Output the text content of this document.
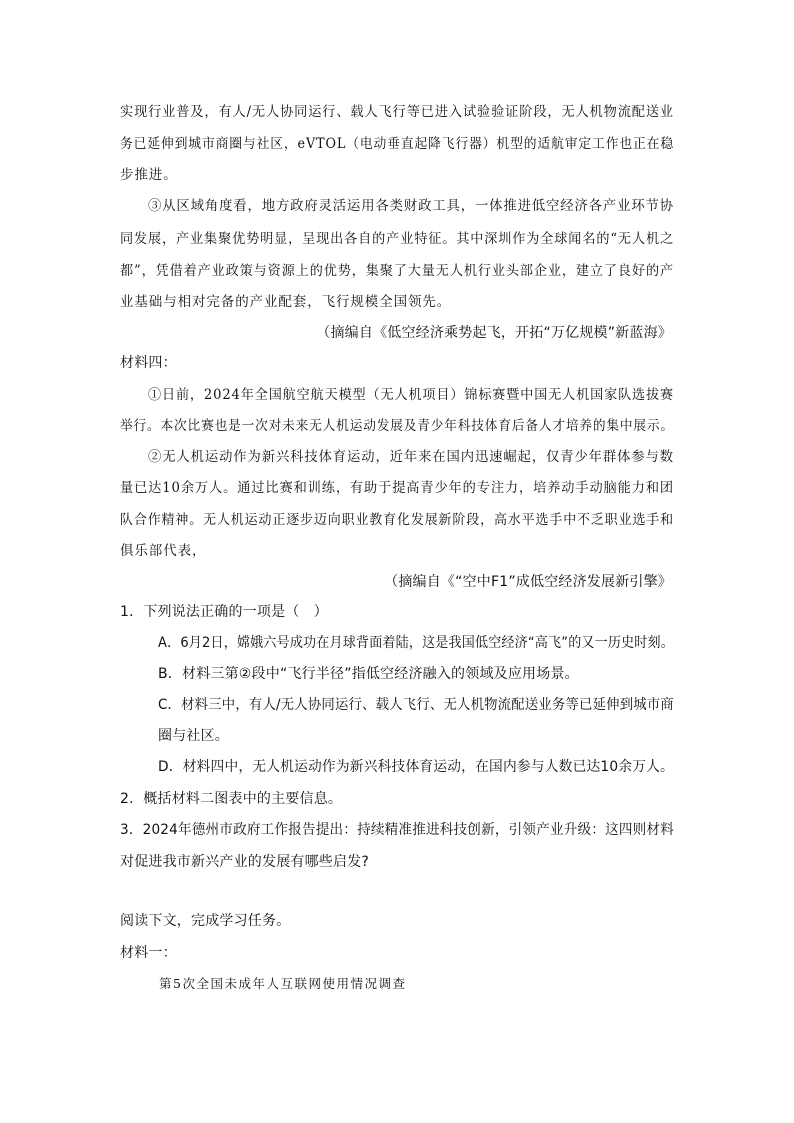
实现行业普及，有人/无人协同运行、载人飞行等已进入试验验证阶段，无人机物流配送业
务已延伸到城市商圈与社区，eVTOL（电动垂直起降飞行器）机型的适航审定工作也正在稳
步推进。
③从区域角度看，地方政府灵活运用各类财政工具，一体推进低空经济各产业环节协
同发展，产业集聚优势明显，呈现出各自的产业特征。其中深圳作为全球闻名的“无人机之
都”，凭借着产业政策与资源上的优势，集聚了大量无人机行业头部企业，建立了良好的产
业基础与相对完备的产业配套，飞行规模全国领先。
（摘编自《低空经济乘势起飞，开拓“万亿规模”新蓝海》
材料四：
①日前，2024年全国航空航天模型（无人机项目）锦标赛暨中国无人机国家队选拔赛
举行。本次比赛也是一次对未来无人机运动发展及青少年科技体育后备人才培养的集中展示。
②无人机运动作为新兴科技体育运动，近年来在国内迅速崛起，仅青少年群体参与数
量已达10余万人。通过比赛和训练，有助于提高青少年的专注力，培养动手动脑能力和团
队合作精神。无人机运动正逐步迈向职业教育化发展新阶段，高水平选手中不乏职业选手和
俱乐部代表，
（摘编自《“空中F1”成低空经济发展新引擎》
1．下列说法正确的一项是（　）
A．6月2日，嫦娥六号成功在月球背面着陆，这是我国低空经济“高飞”的又一历史时刻。
B．材料三第②段中“飞行半径”指低空经济融入的领域及应用场景。
C．材料三中，有人/无人协同运行、载人飞行、无人机物流配送业务等已延伸到城市商
圈与社区。
D．材料四中，无人机运动作为新兴科技体育运动，在国内参与人数已达10余万人。
2．概括材料二图表中的主要信息。
3．2024年德州市政府工作报告提出：持续精准推进科技创新，引领产业升级：这四则材料
对促进我市新兴产业的发展有哪些启发?
阅读下文，完成学习任务。
材料一：
第5次全国未成年人互联网使用情况调查
